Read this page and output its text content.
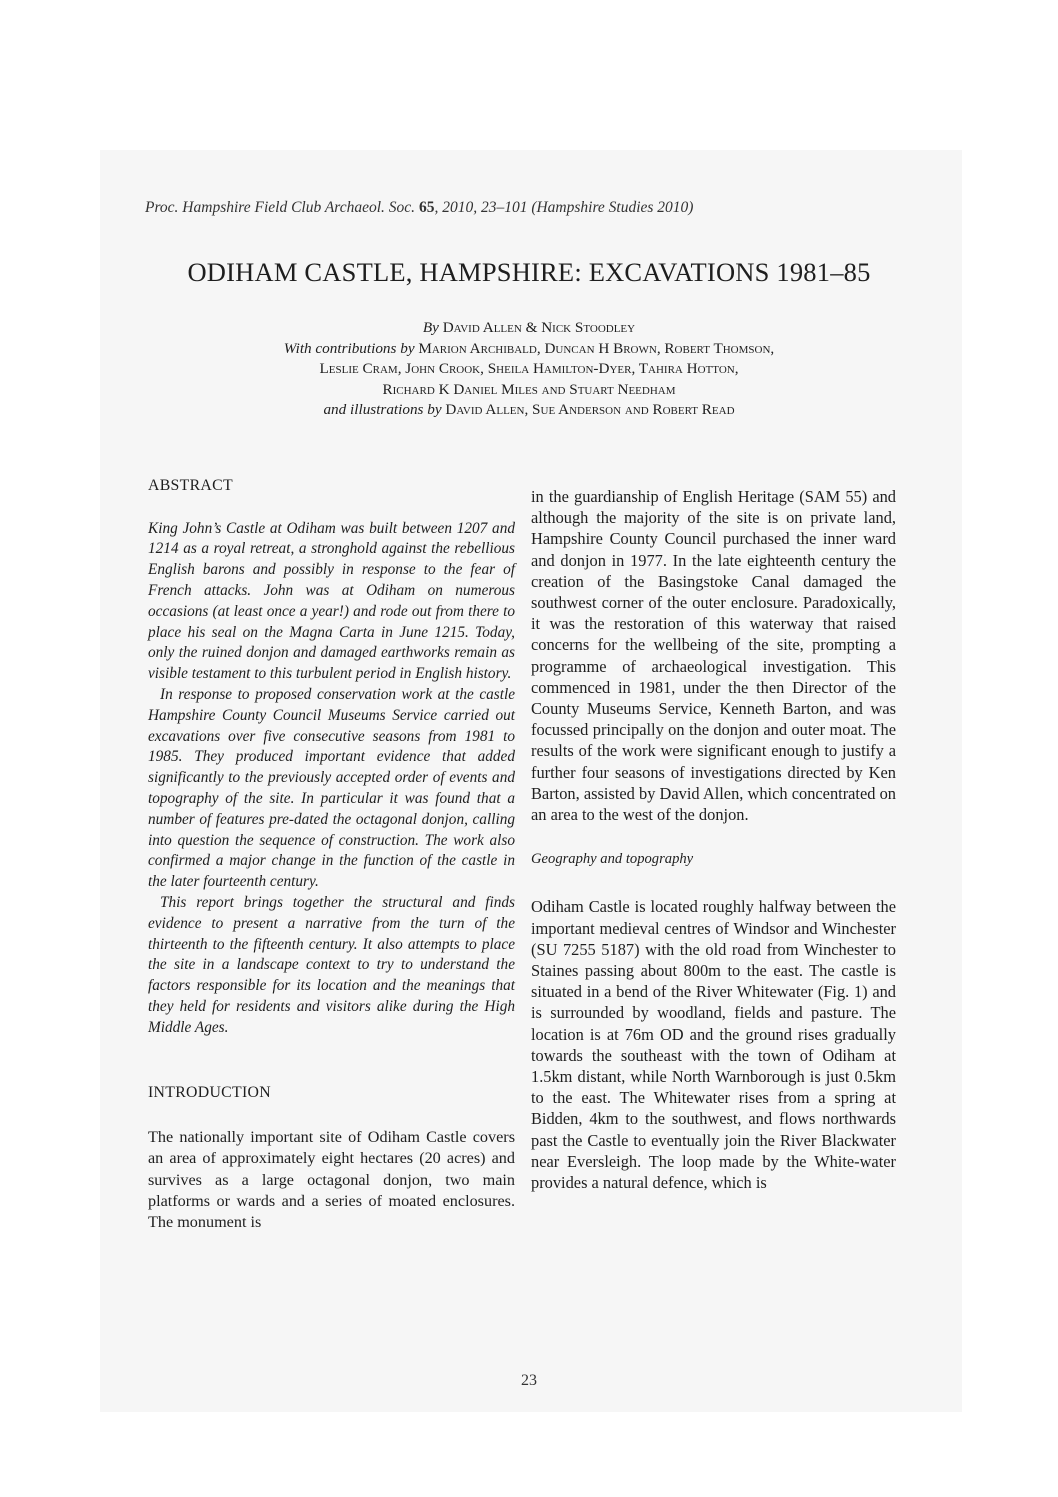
Proc. Hampshire Field Club Archaeol. Soc. 65, 2010, 23–101 (Hampshire Studies 2010)
ODIHAM CASTLE, HAMPSHIRE: EXCAVATIONS 1981–85
By David Allen & Nick Stoodley
With contributions by Marion Archibald, Duncan H Brown, Robert Thomson,
Leslie Cram, John Crook, Sheila Hamilton-Dyer, Tahira Hotton,
Richard K Daniel Miles and Stuart Needham
and illustrations by David Allen, Sue Anderson and Robert Read
ABSTRACT

King John’s Castle at Odiham was built between 1207 and 1214 as a royal retreat, a stronghold against the rebellious English barons and possibly in response to the fear of French attacks. John was at Odiham on numerous occasions (at least once a year!) and rode out from there to place his seal on the Magna Carta in June 1215. Today, only the ruined donjon and damaged earthworks remain as visible testament to this turbulent period in English history.

In response to proposed conservation work at the castle Hampshire County Council Museums Service carried out excavations over five consecutive seasons from 1981 to 1985. They produced important evidence that added significantly to the previously accepted order of events and topography of the site. In particular it was found that a number of features pre-dated the octagonal donjon, calling into question the sequence of construction. The work also confirmed a major change in the function of the castle in the later fourteenth century.

This report brings together the structural and finds evidence to present a narrative from the turn of the thirteenth to the fifteenth century. It also attempts to place the site in a landscape context to try to understand the factors responsible for its location and the meanings that they held for residents and visitors alike during the High Middle Ages.

INTRODUCTION

The nationally important site of Odiham Castle covers an area of approximately eight hectares (20 acres) and survives as a large octagonal donjon, two main platforms or wards and a series of moated enclosures. The monument is

in the guardianship of English Heritage (SAM 55) and although the majority of the site is on private land, Hampshire County Council purchased the inner ward and donjon in 1977. In the late eighteenth century the creation of the Basingstoke Canal damaged the southwest corner of the outer enclosure. Paradoxically, it was the restoration of this waterway that raised concerns for the wellbeing of the site, prompting a programme of archaeological investigation. This commenced in 1981, under the then Director of the County Museums Service, Kenneth Barton, and was focussed principally on the donjon and outer moat. The results of the work were significant enough to justify a further four seasons of investigations directed by Ken Barton, assisted by David Allen, which concentrated on an area to the west of the donjon.

Geography and topography

Odiham Castle is located roughly halfway between the important medieval centres of Windsor and Winchester (SU 7255 5187) with the old road from Winchester to Staines passing about 800m to the east. The castle is situated in a bend of the River Whitewater (Fig. 1) and is surrounded by woodland, fields and pasture. The location is at 76m OD and the ground rises gradually towards the southeast with the town of Odiham at 1.5km distant, while North Warnborough is just 0.5km to the east. The Whitewater rises from a spring at Bidden, 4km to the southwest, and flows northwards past the Castle to eventually join the River Blackwater near Eversleigh. The loop made by the White-water provides a natural defence, which is

23
